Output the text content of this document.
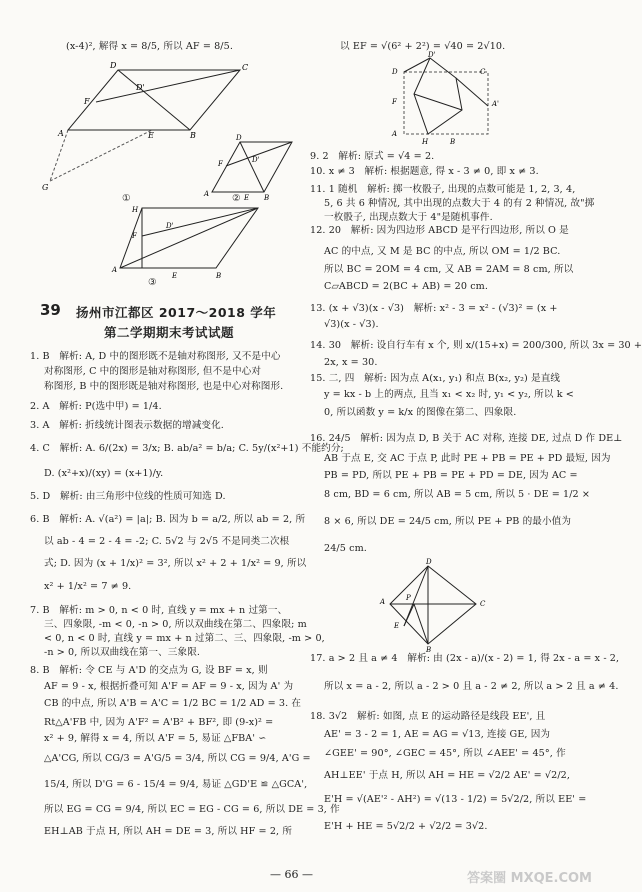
(x-4)², 解得 x = 8/5, 所以 AF = 8/5.
D	C
D'
F
A	E	B
G
①
D
D'
F
A	E B
②
H
F
D'
A
E	B
③
39 扬州市江都区 2017～2018 学年
第二学期期末考试试题
1. B　解析: A, D 中的图形既不是轴对称图形, 又不是中心
对称图形, C 中的图形是轴对称图形, 但不是中心对
称图形, B 中的图形既是轴对称图形, 也是中心对称图形.
2. A　解析: P(选中甲) = 1/4.
3. A　解析: 折线统计图表示数据的增减变化.
4. C　解析: A. 6/(2x) = 3/x; B. ab/a² = b/a; C. 5y/(x²+1) 不能约分;
D. (x²+x)/(xy) = (x+1)/y.
5. D　解析: 由三角形中位线的性质可知选 D.
6. B　解析: A. √(a²) = |a|; B. 因为 b = a/2, 所以 ab = 2, 所
以 ab - 4 = 2 - 4 = -2; C. 5√2 与 2√5 不是同类二次根
式; D. 因为 (x + 1/x)² = 3², 所以 x² + 2 + 1/x² = 9, 所以
x² + 1/x² = 7 ≠ 9.
7. B　解析: m > 0, n < 0 时, 直线 y = mx + n 过第一、
三、四象限, -m < 0, -n > 0, 所以双曲线在第二、四象限; m
< 0, n < 0 时, 直线 y = mx + n 过第二、三、四象限, -m > 0,
-n > 0, 所以双曲线在第一、三象限.
8. B　解析: 令 CE 与 A'D 的交点为 G, 设 BF = x, 则
AF = 9 - x, 根据折叠可知 A'F = AF = 9 - x, 因为 A' 为
CB 的中点, 所以 A'B = A'C = 1/2 BC = 1/2 AD = 3. 在
Rt△A'FB 中, 因为 A'F² = A'B² + BF², 即 (9-x)² =
x² + 9, 解得 x = 4, 所以 A'F = 5, 易证 △FBA' ∽
△A'CG, 所以 CG/3 = A'G/5 = 3/4, 所以 CG = 9/4, A'G =
15/4, 所以 D'G = 6 - 15/4 = 9/4, 易证 △GD'E ≌ △GCA',
所以 EG = CG = 9/4, 所以 EC = EG - CG = 6, 所以 DE = 3, 作
EH⊥AB 于点 H, 所以 AH = DE = 3, 所以 HF = 2, 所
以 EF = √(6² + 2²) = √40 = 2√10.
D
D'
F
A
A'
H	B
C
9. 2　解析: 原式 = √4 = 2.
10. x ≠ 3　解析: 根据题意, 得 x - 3 ≠ 0, 即 x ≠ 3.
11. 1 随机　解析: 掷一枚骰子, 出现的点数可能是 1, 2, 3, 4,
5, 6 共 6 种情况, 其中出现的点数大于 4 的有 2 种情况, 故"掷
一枚骰子, 出现点数大于 4"是随机事件.
12. 20　解析: 因为四边形 ABCD 是平行四边形, 所以 O 是
AC 的中点, 又 M 是 BC 的中点, 所以 OM = 1/2 BC.
所以 BC = 2OM = 4 cm, 又 AB = 2AM = 8 cm, 所以
C▱ABCD = 2(BC + AB) = 20 cm.
13. (x + √3)(x - √3)　解析: x² - 3 = x² - (√3)² = (x +
√3)(x - √3).
14. 30　解析: 设自行车有 x 个, 则 x/(15+x) = 200/300, 所以 3x = 30 +
2x, x = 30.
15. 二, 四　解析: 因为点 A(x₁, y₁) 和点 B(x₂, y₂) 是直线
y = kx - b 上的两点, 且当 x₁ < x₂ 时, y₁ < y₂, 所以 k <
0, 所以函数 y = k/x 的图像在第二、四象限.
16. 24/5　解析: 因为点 D, B 关于 AC 对称, 连接 DE, 过点 D 作 DE⊥
AB 于点 E, 交 AC 于点 P, 此时 PE + PB = PE + PD 最短, 因为
PB = PD, 所以 PE + PB = PE + PD = DE, 因为 AC =
8 cm, BD = 6 cm, 所以 AB = 5 cm, 所以 5 · DE = 1/2 ×
8 × 6, 所以 DE = 24/5 cm, 所以 PE + PB 的最小值为
24/5 cm.
D
A	C
P
E
B
17. a > 2 且 a ≠ 4　解析: 由 (2x - a)/(x - 2) = 1, 得 2x - a = x - 2,
所以 x = a - 2, 所以 a - 2 > 0 且 a - 2 ≠ 2, 所以 a > 2 且 a ≠ 4.
18. 3√2　解析: 如图, 点 E 的运动路径是线段 EE', 且
AE' = 3 - 2 = 1, AE = AG = √13, 连接 GE, 因为
∠GEE' = 90°, ∠GEC = 45°, 所以 ∠AEE' = 45°, 作
AH⊥EE' 于点 H, 所以 AH = HE = √2/2 AE' = √2/2,
E'H = √(AE'² - AH²) = √(13 - 1/2) = 5√2/2, 所以 EE' =
E'H + HE = 5√2/2 + √2/2 = 3√2.
— 66 —	答案圈 MXQE.COM
